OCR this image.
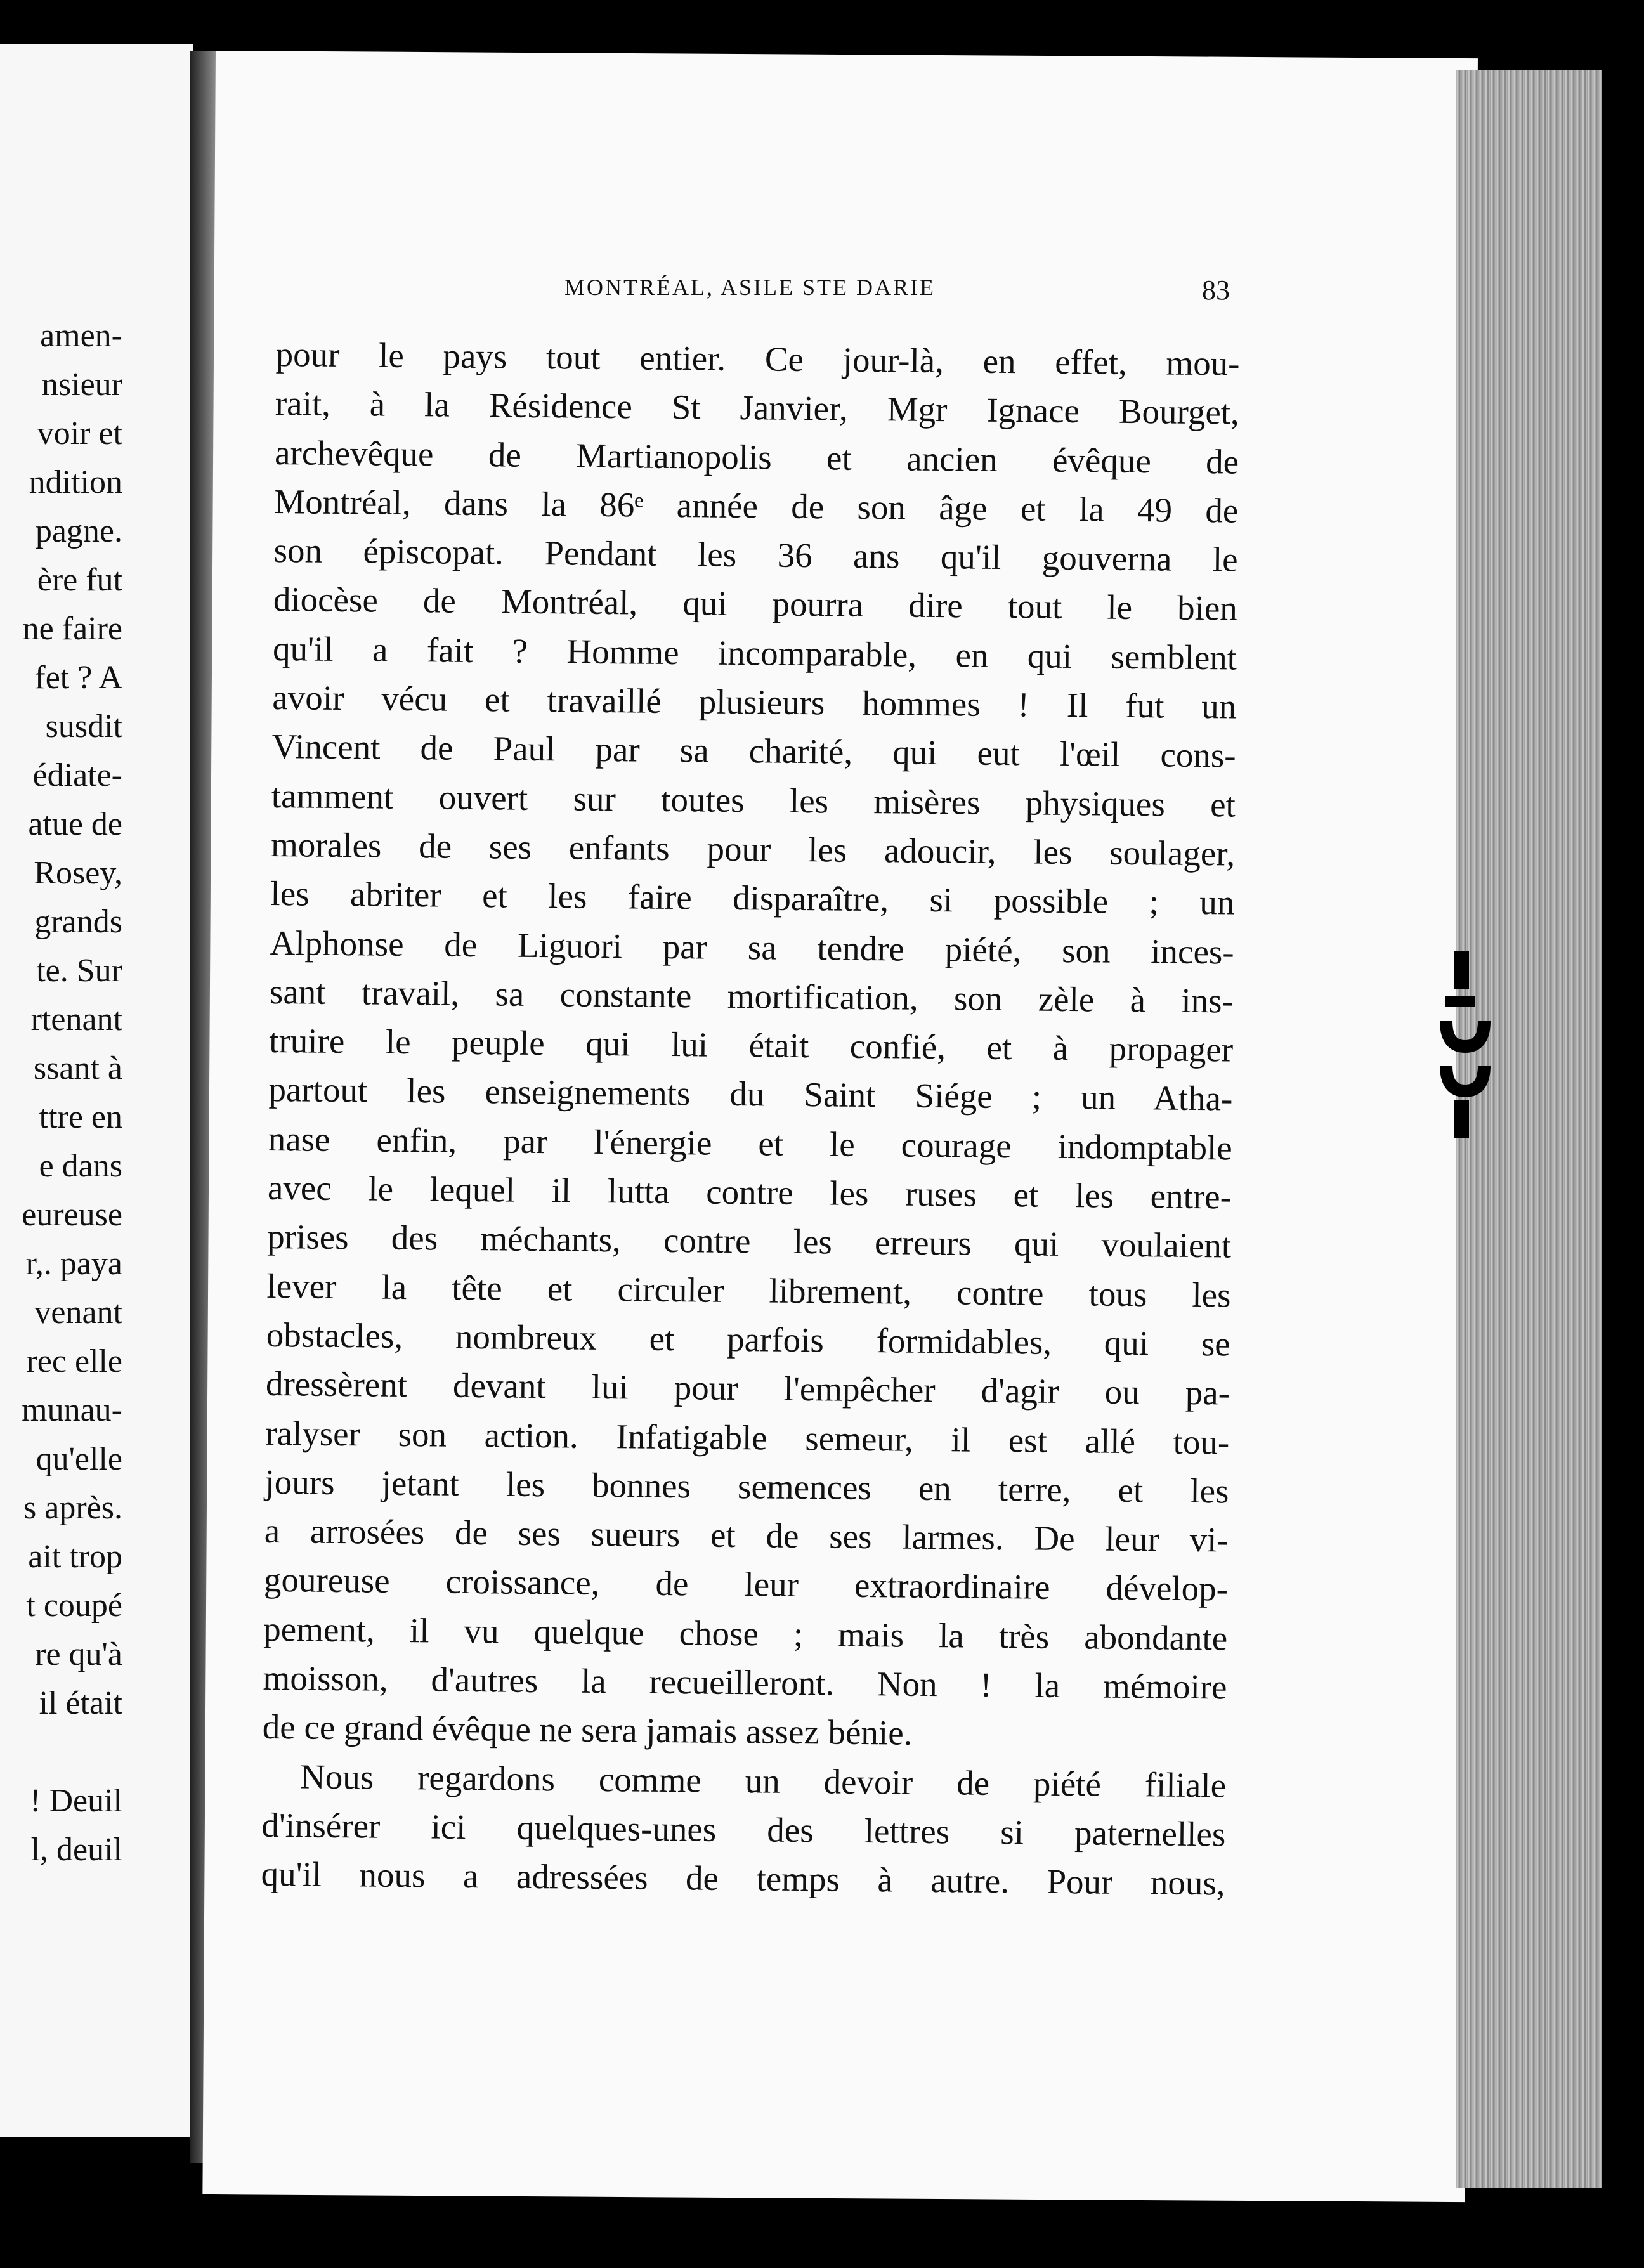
amen-
nsieur
voir et
ndition
pagne.
ère fut
ne faire
fet ? A
susdit
édiate-
atue de
Rosey,
grands
te. Sur
rtenant
ssant à
ttre en
e dans
eureuse
r,. paya
venant
rec elle
munau-
qu'elle
s après.
ait trop
t coupé
re qu'à
il était
! Deuil
l, deuil
MONTRÉAL, ASILE STE DARIE	83
pour le pays tout entier. Ce jour-là, en effet, mou-
rait, à la Résidence St Janvier, Mgr Ignace Bourget,
archevêque de Martianopolis et ancien évêque de
Montréal, dans la 86ᵉ année de son âge et la 49 de
son épiscopat. Pendant les 36 ans qu'il gouverna le
diocèse de Montréal, qui pourra dire tout le bien
qu'il a fait ? Homme incomparable, en qui semblent
avoir vécu et travaillé plusieurs hommes ! Il fut un
Vincent de Paul par sa charité, qui eut l'œil cons-
tamment ouvert sur toutes les misères physiques et
morales de ses enfants pour les adoucir, les soulager,
les abriter et les faire disparaître, si possible ; un
Alphonse de Liguori par sa tendre piété, son inces-
sant travail, sa constante mortification, son zèle à ins-
truire le peuple qui lui était confié, et à propager
partout les enseignements du Saint Siége ; un Atha-
nase enfin, par l'énergie et le courage indomptable
avec le lequel il lutta contre les ruses et les entre-
prises des méchants, contre les erreurs qui voulaient
lever la tête et circuler librement, contre tous les
obstacles, nombreux et parfois formidables, qui se
dressèrent devant lui pour l'empêcher d'agir ou pa-
ralyser son action. Infatigable semeur, il est allé tou-
jours jetant les bonnes semences en terre, et les
a arrosées de ses sueurs et de ses larmes. De leur vi-
goureuse croissance, de leur extraordinaire dévelop-
pement, il vu quelque chose ; mais la très abondante
moisson, d'autres la recueilleront. Non ! la mémoire
de ce grand évêque ne sera jamais assez bénie.
Nous regardons comme un devoir de piété filiale
d'insérer ici quelques-unes des lettres si paternelles
qu'il nous a adressées de temps à autre. Pour nous,
